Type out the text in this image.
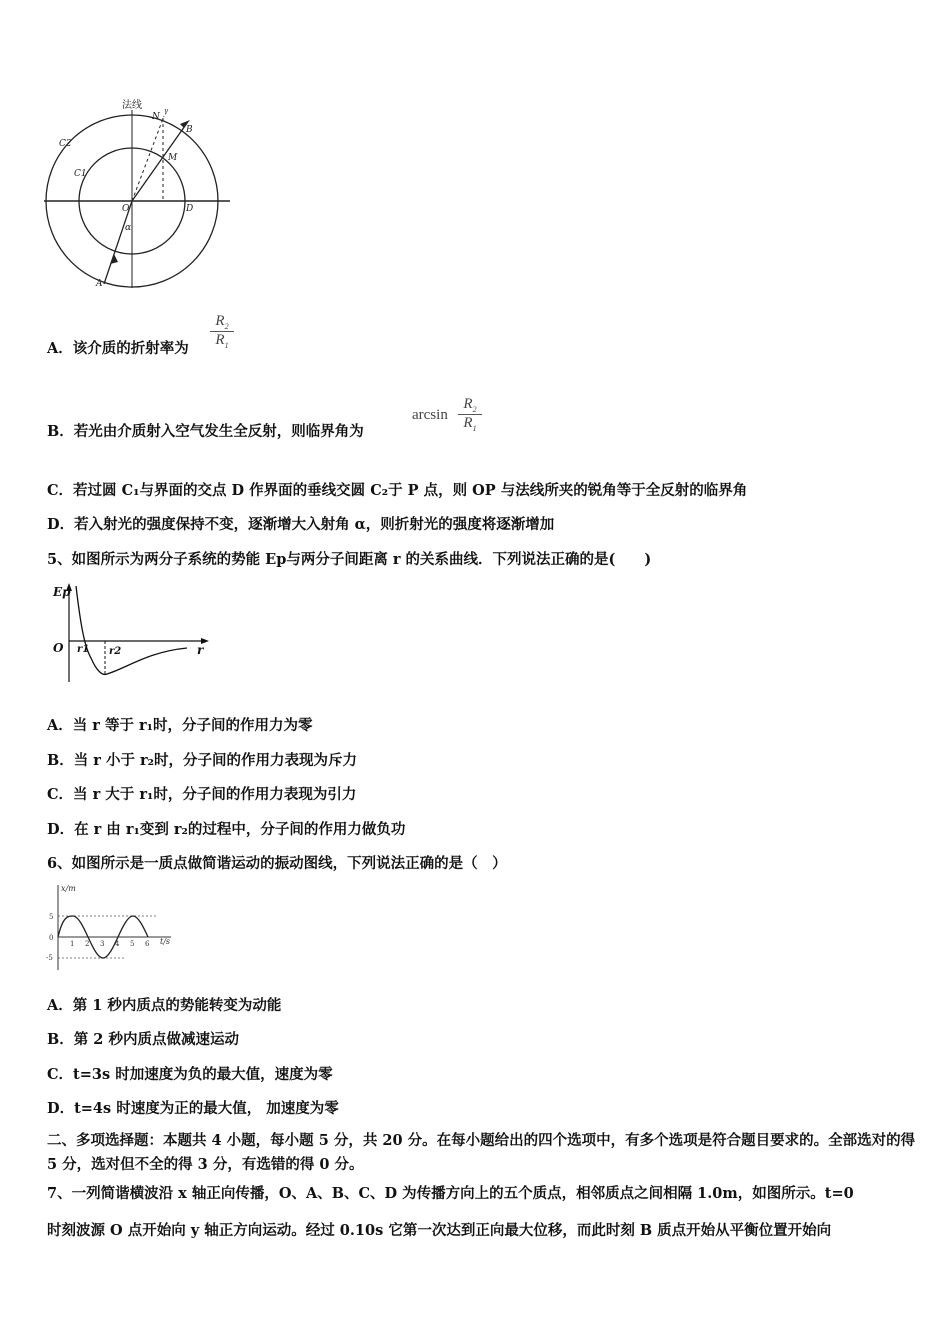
法线
C2
C1
N
γ
M
B
O	D
α
A
A．该介质的折射率为 $\frac{R_2}{R_1}$
B．若光由介质射入空气发生全反射，则临界角为
$\arcsin \frac{R_2}{R_1}$
C．若过圆 C₁与界面的交点 D 作界面的垂线交圆 C₂于 P 点，则 OP 与法线所夹的锐角等于全反射的临界角
D．若入射光的强度保持不变，逐渐增大入射角 α，则折射光的强度将逐渐增加
5、如图所示为两分子系统的势能 Ep与两分子间距离 r 的关系曲线．下列说法正确的是(　　)
Ep
O r1 r2	r
A．当 r 等于 r₁时，分子间的作用力为零
B．当 r 小于 r₂时，分子间的作用力表现为斥力
C．当 r 大于 r₁时，分子间的作用力表现为引力
D．在 r 由 r₁变到 r₂的过程中，分子间的作用力做负功
6、如图所示是一质点做简谐运动的振动图线，下列说法正确的是（　）
x/m
t/s
5
0
-5
1 2 3 4 5 6
A．第 1 秒内质点的势能转变为动能
B．第 2 秒内质点做减速运动
C．t=3s 时加速度为负的最大值，速度为零
D．t=4s 时速度为正的最大值， 加速度为零
二、多项选择题：本题共 4 小题，每小题 5 分，共 20 分。在每小题给出的四个选项中，有多个选项是符合题目要求的。全部选对的得 5 分，选对但不全的得 3 分，有选错的得 0 分。
7、一列简谐横波沿 x 轴正向传播，O、A、B、C、D 为传播方向上的五个质点，相邻质点之间相隔 1.0m，如图所示。t=0
时刻波源 O 点开始向 y 轴正方向运动。经过 0.10s 它第一次达到正向最大位移，而此时刻 B 质点开始从平衡位置开始向
